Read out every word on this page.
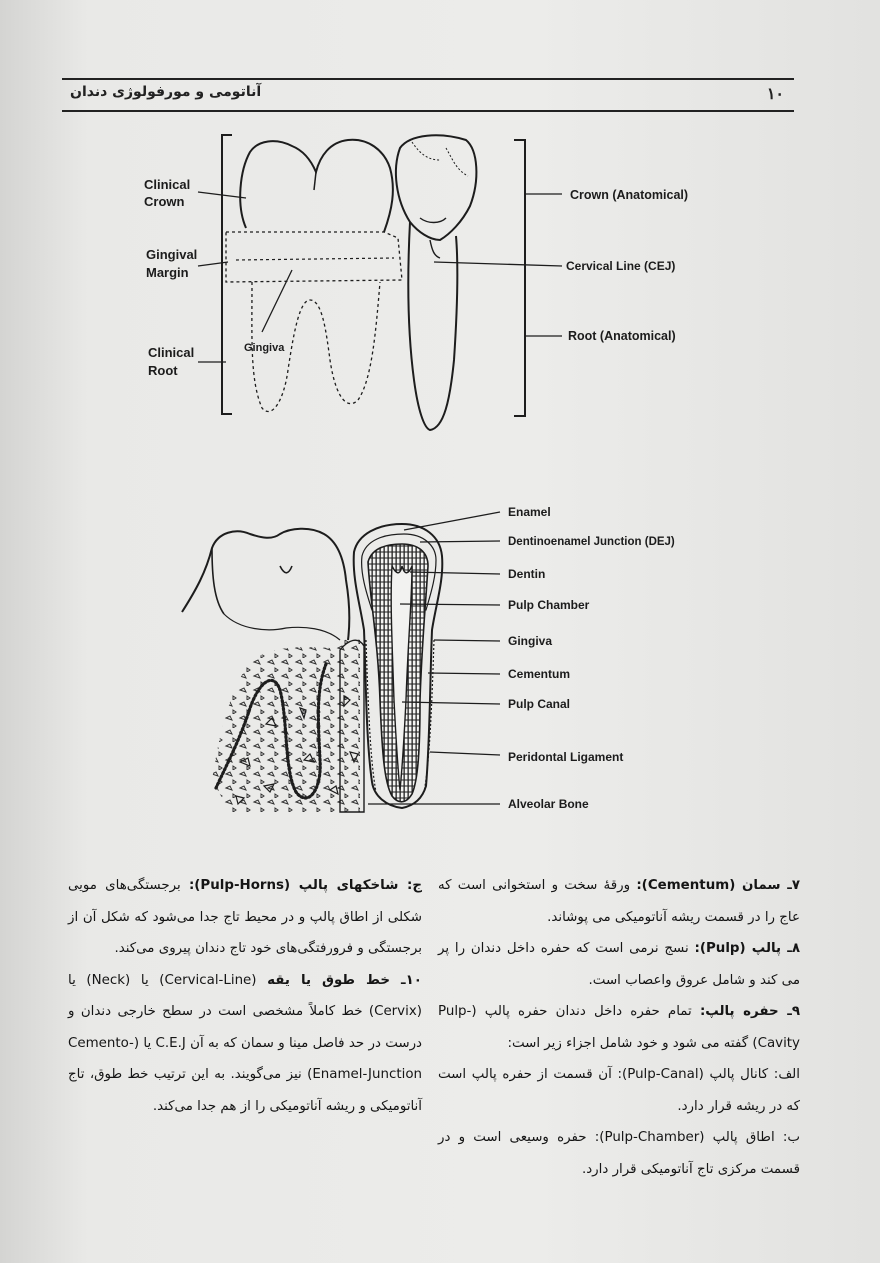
آناتومی و مورفولوژی دندان	۱۰
Clinical
Crown
Gingival
Margin
Clinical
Root
Gingiva
Crown (Anatomical)
Cervical Line (CEJ)
Root (Anatomical)
Enamel
Dentinoenamel Junction (DEJ)
Dentin
Pulp Chamber
Gingiva
Cementum
Pulp Canal
Peridontal Ligament
Alveolar Bone

۷ـ سمان (Cementum): ورقهٔ سخت و استخوانی است که عاج را در قسمت ریشه آناتومیکی می پوشاند.

۸ـ پالپ (Pulp): نسج نرمی است که حفره داخل دندان را پر می کند و شامل عروق واعصاب است.

۹ـ حفره پالپ: تمام حفره داخل دندان حفره پالپ (Pulp-Cavity) گفته می شود و خود شامل اجزاء زیر است:

الف: کانال پالپ (Pulp-Canal): آن قسمت از حفره پالپ است که در ریشه قرار دارد.

ب: اطاق پالپ (Pulp-Chamber): حفره وسیعی است و در قسمت مرکزی تاج آناتومیکی قرار دارد.

ج: شاخکهای پالپ (Pulp-Horns): برجستگی‌های مویی شکلی از اطاق پالپ و در محیط تاج جدا می‌شود که شکل آن از برجستگی و فرورفتگی‌های خود تاج دندان پیروی می‌کند.

۱۰ـ خط طوق یا یقه (Cervical-Line) یا (Neck) یا (Cervix) خط کاملاً مشخصی است در سطح خارجی دندان و درست در حد فاصل مینا و سمان که به آن C.E.J یا (Cemento-Enamel-Junction) نیز می‌گویند. به این ترتیب خط طوق، تاج آناتومیکی و ریشه آناتومیکی را از هم جدا می‌کند.
